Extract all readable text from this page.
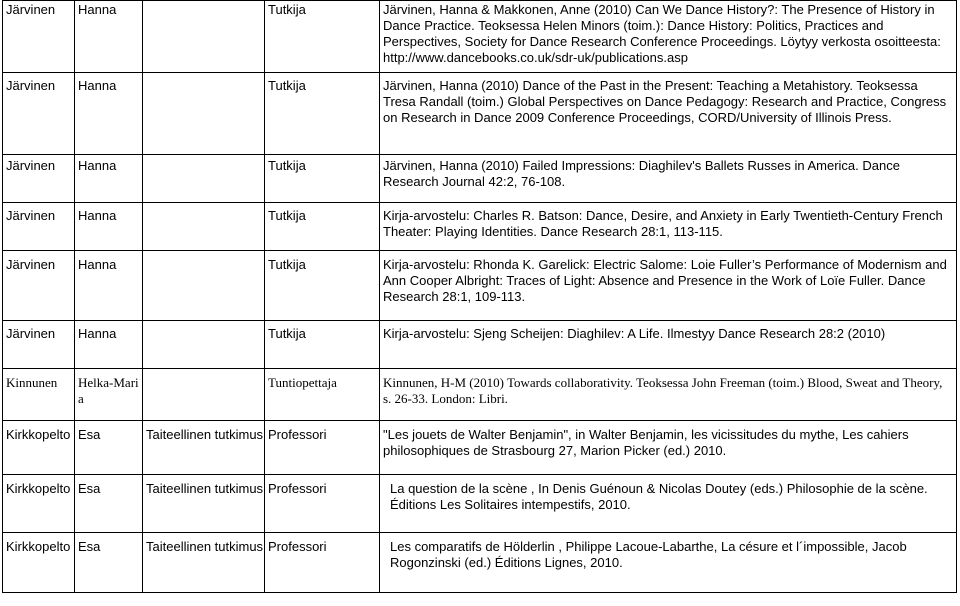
Järvinen	Hanna		Tutkija	Järvinen, Hanna & Makkonen, Anne (2010) Can We Dance History?: The Presence of History in Dance Practice. Teoksessa Helen Minors (toim.): Dance History: Politics, Practices and Perspectives, Society for Dance Research Conference Proceedings. Löytyy verkosta osoitteesta: http://www.dancebooks.co.uk/sdr-uk/publications.asp
Järvinen	Hanna		Tutkija	Järvinen, Hanna (2010) Dance of the Past in the Present: Teaching a Metahistory. Teoksessa Tresa Randall (toim.) Global Perspectives on Dance Pedagogy: Research and Practice, Congress on Research in Dance 2009 Conference Proceedings, CORD/University of Illinois Press.
Järvinen	Hanna		Tutkija	Järvinen, Hanna (2010) Failed Impressions: Diaghilev's Ballets Russes in America. Dance Research Journal 42:2, 76-108.
Järvinen	Hanna		Tutkija	Kirja-arvostelu: Charles R. Batson: Dance, Desire, and Anxiety in Early Twentieth-Century French Theater: Playing Identities. Dance Research 28:1, 113-115.
Järvinen	Hanna		Tutkija	Kirja-arvostelu: Rhonda K. Garelick: Electric Salome: Loie Fuller’s Performance of Modernism and Ann Cooper Albright: Traces of Light: Absence and Presence in the Work of Loïe Fuller. Dance Research 28:1, 109-113.
Järvinen	Hanna		Tutkija	Kirja-arvostelu: Sjeng Scheijen: Diaghilev: A Life. Ilmestyy Dance Research 28:2 (2010)
Kinnunen	Helka-Maria		Tuntiopettaja	Kinnunen, H-M (2010) Towards collaborativity. Teoksessa John Freeman (toim.) Blood, Sweat and Theory, s. 26-33. London: Libri.
Kirkkopelto	Esa	Taiteellinen tutkimus	Professori	"Les jouets de Walter Benjamin", in Walter Benjamin, les vicissitudes du mythe, Les cahiers philosophiques de Strasbourg 27, Marion Picker (ed.) 2010.
Kirkkopelto	Esa	Taiteellinen tutkimus	Professori	La question de la scène , In Denis Guénoun & Nicolas Doutey (eds.) Philosophie de la scène. Éditions Les Solitaires intempestifs, 2010.
Kirkkopelto	Esa	Taiteellinen tutkimus	Professori	Les comparatifs de Hölderlin , Philippe Lacoue-Labarthe, La césure et l´impossible, Jacob Rogonzinski (ed.) Éditions Lignes, 2010.
